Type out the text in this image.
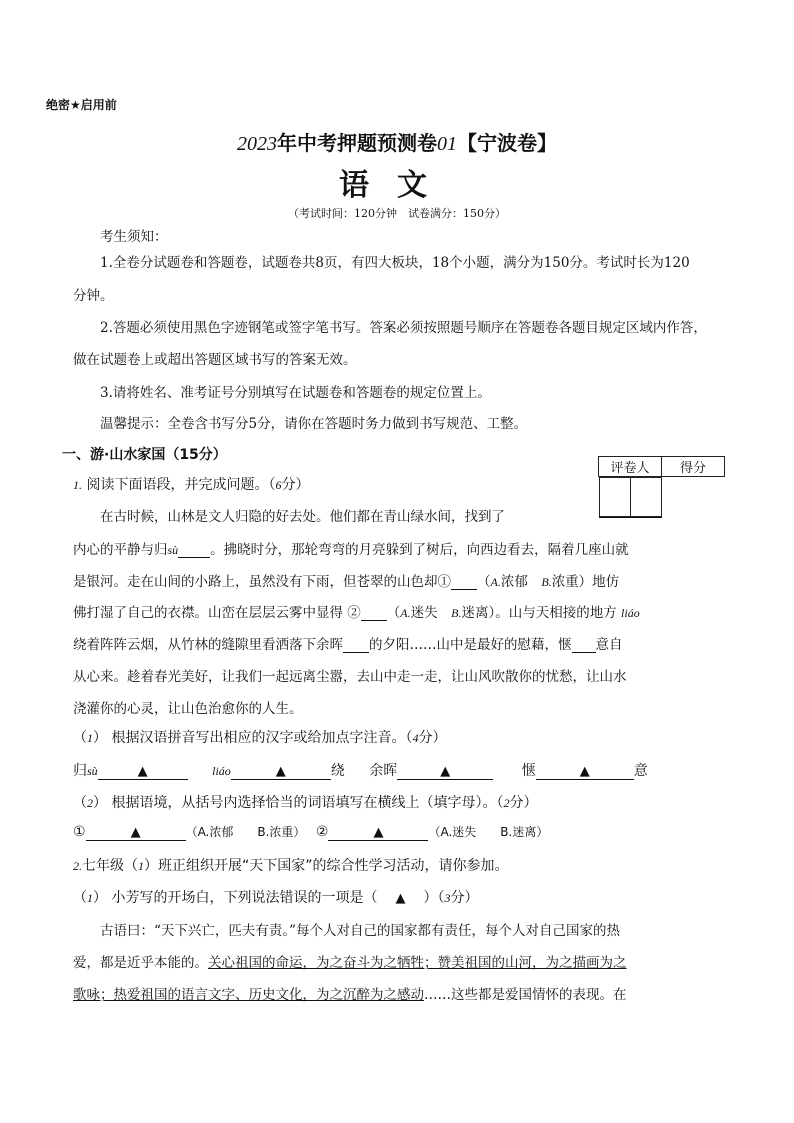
绝密★启用前
2023年中考押题预测卷01【宁波卷】
语文
（考试时间：120分钟　试卷满分：150分）
考生须知：
1.全卷分试题卷和答题卷，试题卷共8页，有四大板块，18个小题，满分为150分。考试时长为120
分钟。
2.答题必须使用黑色字迹钢笔或签字笔书写。答案必须按照题号顺序在答题卷各题目规定区域内作答，
做在试题卷上或超出答题区域书写的答案无效。
3.请将姓名、准考证号分别填写在试题卷和答题卷的规定位置上。
温馨提示：全卷含书写分5分，请你在答题时务力做到书写规范、工整。
一、游·山水家国（15分）
评卷人	得分

1. 阅读下面语段，并完成问题。（6分）
在古时候，山林是文人归隐的好去处。他们都在青山绿水间，找到了
内心的平静与归sù 。拂晓时分，那轮弯弯的月亮躲到了树后，向西边看去，隔着几座山就
是银河。走在山间的小路上，虽然没有下雨，但苍翠的山色却① （A.浓郁　B.浓重）地仿
佛打湿了自己的衣襟。山峦在层层云雾中显得 ② （A.迷失　B.迷离）。山与天相接的地方 liáo
绕着阵阵云烟，从竹林的缝隙里看洒落下余晖 的夕阳……山中是最好的慰藉，惬 意自
从心来。趁着春光美好，让我们一起远离尘嚣，去山中走一走，让山风吹散你的忧愁，让山水
浇灌你的心灵，让山色治愈你的人生。
（1） 根据汉语拼音写出相应的汉字或给加点字注音。（4分）
归sù	▲	liáo	▲	绕 余晖	▲	惬	▲	意
（2） 根据语境，从括号内选择恰当的词语填写在横线上（填字母）。（2分）
①	▲	（A.浓郁　　B.浓重） ②	▲	（A.迷失　　B.迷离）
2.七年级（1）班正组织开展“天下国家”的综合性学习活动，请你参加。
（1） 小芳写的开场白，下列说法错误的一项是（ ▲ ）（3分）
古语曰：“天下兴亡，匹夫有责。”每个人对自己的国家都有责任，每个人对自己国家的热
爱，都是近乎本能的。关心祖国的命运，为之奋斗为之牺牲；赞美祖国的山河，为之描画为之
歌咏；热爱祖国的语言文字、历史文化，为之沉醉为之感动……这些都是爱国情怀的表现。在
